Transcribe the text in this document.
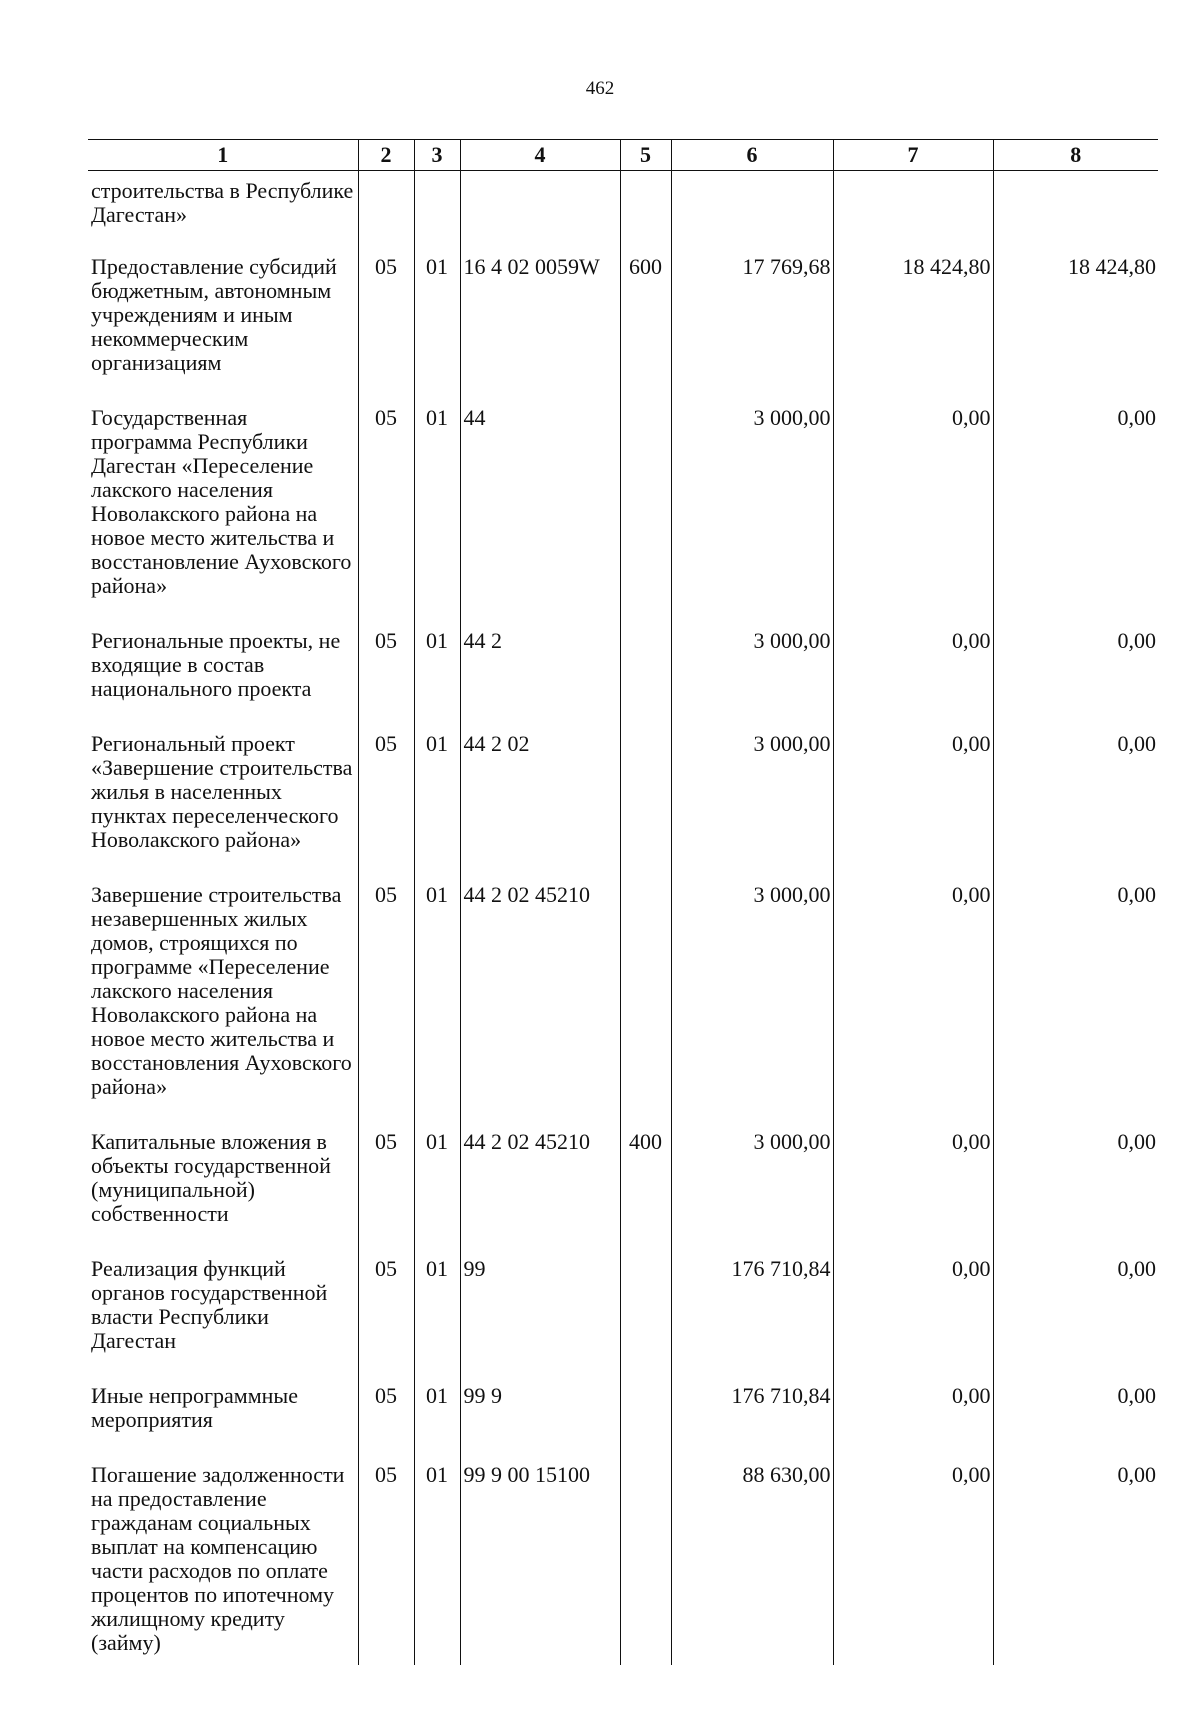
462
1	2	3	4	5	6	7	8
строительства в Республике Дагестан»							
Предоставление субсидий бюджетным, автономным учреждениям и иным некоммерческим организациям	05	01	16 4 02 0059W	600	17 769,68	18 424,80	18 424,80
Государственная программа Республики Дагестан «Переселение лакского населения Новолакского района на новое место жительства и восстановление Ауховского района»	05	01	44		3 000,00	0,00	0,00
Региональные проекты, не входящие в состав национального проекта	05	01	44 2		3 000,00	0,00	0,00
Региональный проект «Завершение строительства жилья в населенных пунктах переселенческого Новолакского района»	05	01	44 2 02		3 000,00	0,00	0,00
Завершение строительства незавершенных жилых домов, строящихся по программе «Переселение лакского населения Новолакского района на новое место жительства и восстановления Ауховского района»	05	01	44 2 02 45210		3 000,00	0,00	0,00
Капитальные вложения в объекты государственной (муниципальной) собственности	05	01	44 2 02 45210	400	3 000,00	0,00	0,00
Реализация функций органов государственной власти Республики Дагестан	05	01	99		176 710,84	0,00	0,00
Иные непрограммные мероприятия	05	01	99 9		176 710,84	0,00	0,00
Погашение задолженности на предоставление гражданам социальных выплат на компенсацию части расходов по оплате процентов по ипотечному жилищному кредиту (займу)	05	01	99 9 00 15100		88 630,00	0,00	0,00
